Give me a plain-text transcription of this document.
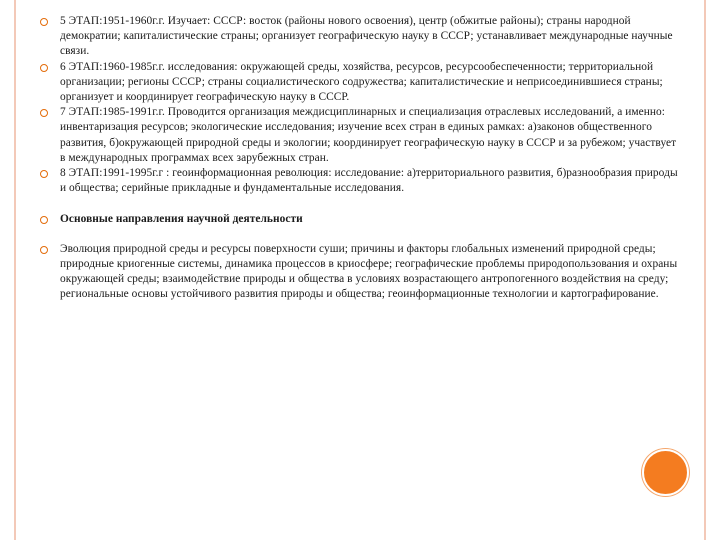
5 ЭТАП:1951-1960г.г. Изучает: СССР: восток (районы нового освоения), центр (обжитые районы); страны народной демократии; капиталистические страны; организует географическую науку в СССР; устанавливает международные научные связи.
6 ЭТАП:1960-1985г.г. исследования: окружающей среды, хозяйства, ресурсов, ресурсообеспеченности; территориальной организации; регионы СССР; страны социалистического содружества; капиталистические и неприсоединившиеся страны; организует и координирует географическую науку в СССР.
7 ЭТАП:1985-1991г.г. Проводится организация междисциплинарных и специализация отраслевых исследований, а именно: инвентаризация ресурсов; экологические исследования; изучение всех стран в единых рамках: а)законов общественного развития, б)окружающей природной среды и экологии; координирует географическую науку в СССР и за рубежом; участвует в международных программах всех зарубежных стран.
8 ЭТАП:1991-1995г.г : геоинформационная революция: исследование: а)территориального развития, б)разнообразия природы и общества; серийные прикладные и фундаментальные исследования.
Основные направления научной деятельности
Эволюция природной среды и ресурсы поверхности суши; причины и факторы глобальных изменений природной среды; природные криогенные системы, динамика процессов в криосфере; географические проблемы природопользования и охраны окружающей среды; взаимодействие природы и общества в условиях возрастающего антропогенного воздействия на среду; региональные основы устойчивого развития природы и общества; геоинформационные технологии и картографирование.
